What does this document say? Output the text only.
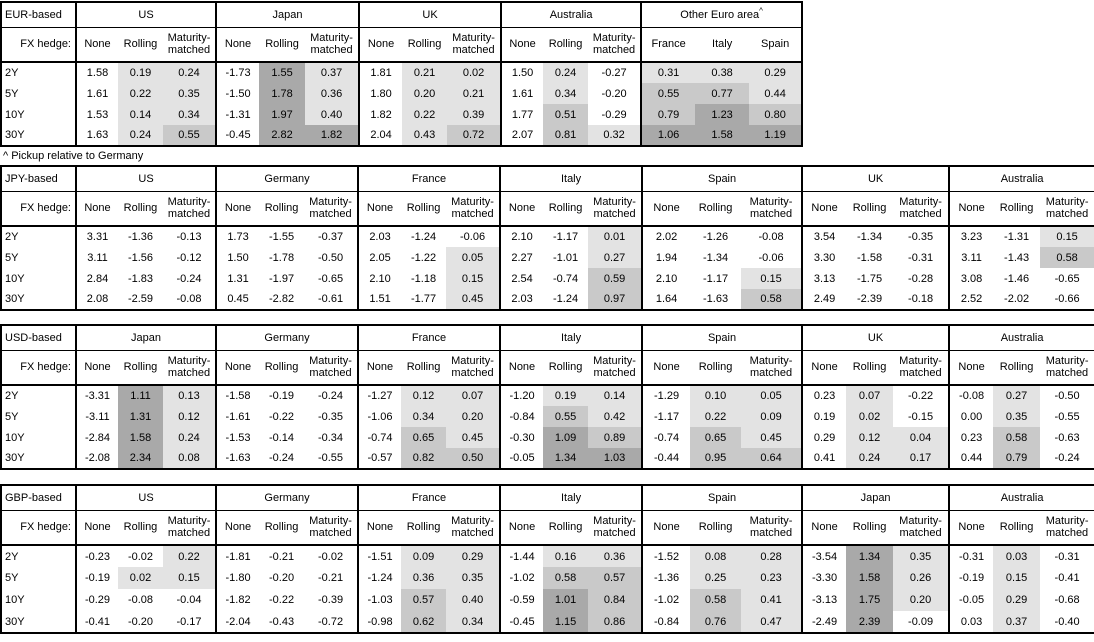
EUR-based	US			Japan			UK			Australia			Other Euro area^
FX hedge:	None	Rolling	Maturity-matched	None	Rolling	Maturity-matched	None	Rolling	Maturity-matched	None	Rolling	Maturity-matched	France	Italy	Spain
2Y	1.58	0.19	0.24	-1.73	1.55	0.37	1.81	0.21	0.02	1.50	0.24	-0.27	0.31	0.38	0.29
5Y	1.61	0.22	0.35	-1.50	1.78	0.36	1.80	0.20	0.21	1.61	0.34	-0.20	0.55	0.77	0.44
10Y	1.53	0.14	0.34	-1.31	1.97	0.40	1.82	0.22	0.39	1.77	0.51	-0.29	0.79	1.23	0.80
30Y	1.63	0.24	0.55	-0.45	2.82	1.82	2.04	0.43	0.72	2.07	0.81	0.32	1.06	1.58	1.19
^ Pickup relative to Germany
JPY-based	US			Germany			France			Italy			Spain			UK			Australia		
FX hedge:	None	Rolling	Maturity-matched	None	Rolling	Maturity-matched	None	Rolling	Maturity-matched	None	Rolling	Maturity-matched	None	Rolling	Maturity-matched	None	Rolling	Maturity-matched	None	Rolling	Maturity-matched
2Y	3.31	-1.36	-0.13	1.73	-1.55	-0.37	2.03	-1.24	-0.06	2.10	-1.17	0.01	2.02	-1.26	-0.08	3.54	-1.34	-0.35	3.23	-1.31	0.15
5Y	3.11	-1.56	-0.12	1.50	-1.78	-0.50	2.05	-1.22	0.05	2.27	-1.01	0.27	1.94	-1.34	-0.06	3.30	-1.58	-0.31	3.11	-1.43	0.58
10Y	2.84	-1.83	-0.24	1.31	-1.97	-0.65	2.10	-1.18	0.15	2.54	-0.74	0.59	2.10	-1.17	0.15	3.13	-1.75	-0.28	3.08	-1.46	-0.65
30Y	2.08	-2.59	-0.08	0.45	-2.82	-0.61	1.51	-1.77	0.45	2.03	-1.24	0.97	1.64	-1.63	0.58	2.49	-2.39	-0.18	2.52	-2.02	-0.66
USD-based	Japan			Germany			France			Italy			Spain			UK			Australia		
FX hedge:	None	Rolling	Maturity-matched	None	Rolling	Maturity-matched	None	Rolling	Maturity-matched	None	Rolling	Maturity-matched	None	Rolling	Maturity-matched	None	Rolling	Maturity-matched	None	Rolling	Maturity-matched
2Y	-3.31	1.11	0.13	-1.58	-0.19	-0.24	-1.27	0.12	0.07	-1.20	0.19	0.14	-1.29	0.10	0.05	0.23	0.07	-0.22	-0.08	0.27	-0.50
5Y	-3.11	1.31	0.12	-1.61	-0.22	-0.35	-1.06	0.34	0.20	-0.84	0.55	0.42	-1.17	0.22	0.09	0.19	0.02	-0.15	0.00	0.35	-0.55
10Y	-2.84	1.58	0.24	-1.53	-0.14	-0.34	-0.74	0.65	0.45	-0.30	1.09	0.89	-0.74	0.65	0.45	0.29	0.12	0.04	0.23	0.58	-0.63
30Y	-2.08	2.34	0.08	-1.63	-0.24	-0.55	-0.57	0.82	0.50	-0.05	1.34	1.03	-0.44	0.95	0.64	0.41	0.24	0.17	0.44	0.79	-0.24
GBP-based	US			Germany			France			Italy			Spain			Japan			Australia		
FX hedge:	None	Rolling	Maturity-matched	None	Rolling	Maturity-matched	None	Rolling	Maturity-matched	None	Rolling	Maturity-matched	None	Rolling	Maturity-matched	None	Rolling	Maturity-matched	None	Rolling	Maturity-matched
2Y	-0.23	-0.02	0.22	-1.81	-0.21	-0.02	-1.51	0.09	0.29	-1.44	0.16	0.36	-1.52	0.08	0.28	-3.54	1.34	0.35	-0.31	0.03	-0.31
5Y	-0.19	0.02	0.15	-1.80	-0.20	-0.21	-1.24	0.36	0.35	-1.02	0.58	0.57	-1.36	0.25	0.23	-3.30	1.58	0.26	-0.19	0.15	-0.41
10Y	-0.29	-0.08	-0.04	-1.82	-0.22	-0.39	-1.03	0.57	0.40	-0.59	1.01	0.84	-1.02	0.58	0.41	-3.13	1.75	0.20	-0.05	0.29	-0.68
30Y	-0.41	-0.20	-0.17	-2.04	-0.43	-0.72	-0.98	0.62	0.34	-0.45	1.15	0.86	-0.84	0.76	0.47	-2.49	2.39	-0.09	0.03	0.37	-0.40
